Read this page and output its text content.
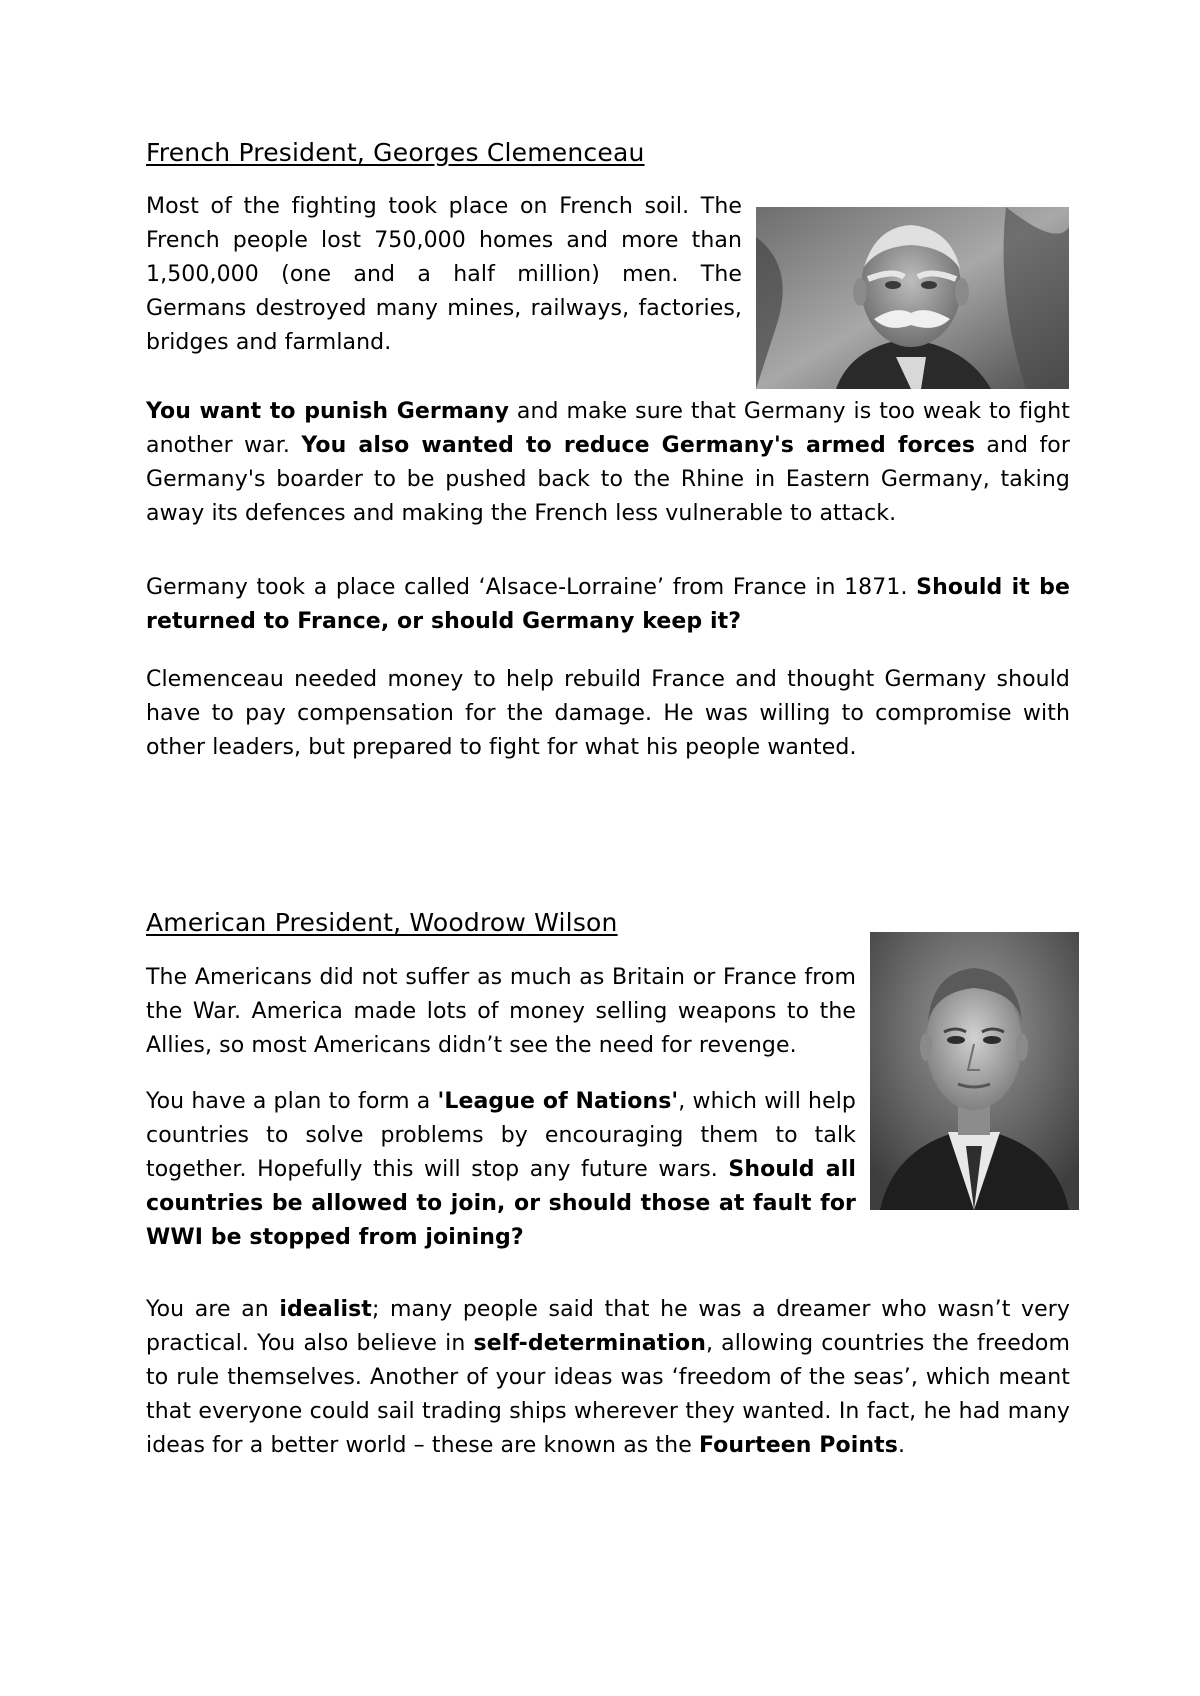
French President, Georges Clemenceau

Most of the fighting took place on French soil. The French people lost 750,000 homes and more than 1,500,000 (one and a half million) men. The Germans destroyed many mines, railways, factories, bridges and farmland.

You want to punish Germany and make sure that Germany is too weak to fight another war. You also wanted to reduce Germany's armed forces and for Germany's boarder to be pushed back to the Rhine in Eastern Germany, taking away its defences and making the French less vulnerable to attack.

Germany took a place called ‘Alsace-Lorraine’ from France in 1871. Should it be returned to France, or should Germany keep it?

Clemenceau needed money to help rebuild France and thought Germany should have to pay compensation for the damage. He was willing to compromise with other leaders, but prepared to fight for what his people wanted.

American President, Woodrow Wilson

The Americans did not suffer as much as Britain or France from the War. America made lots of money selling weapons to the Allies, so most Americans didn’t see the need for revenge.

You have a plan to form a 'League of Nations', which will help countries to solve problems by encouraging them to talk together. Hopefully this will stop any future wars. Should all countries be allowed to join, or should those at fault for WWI be stopped from joining?

You are an idealist; many people said that he was a dreamer who wasn’t very practical. You also believe in self-determination, allowing countries the freedom to rule themselves. Another of your ideas was ‘freedom of the seas’, which meant that everyone could sail trading ships wherever they wanted. In fact, he had many ideas for a better world – these are known as the Fourteen Points.
